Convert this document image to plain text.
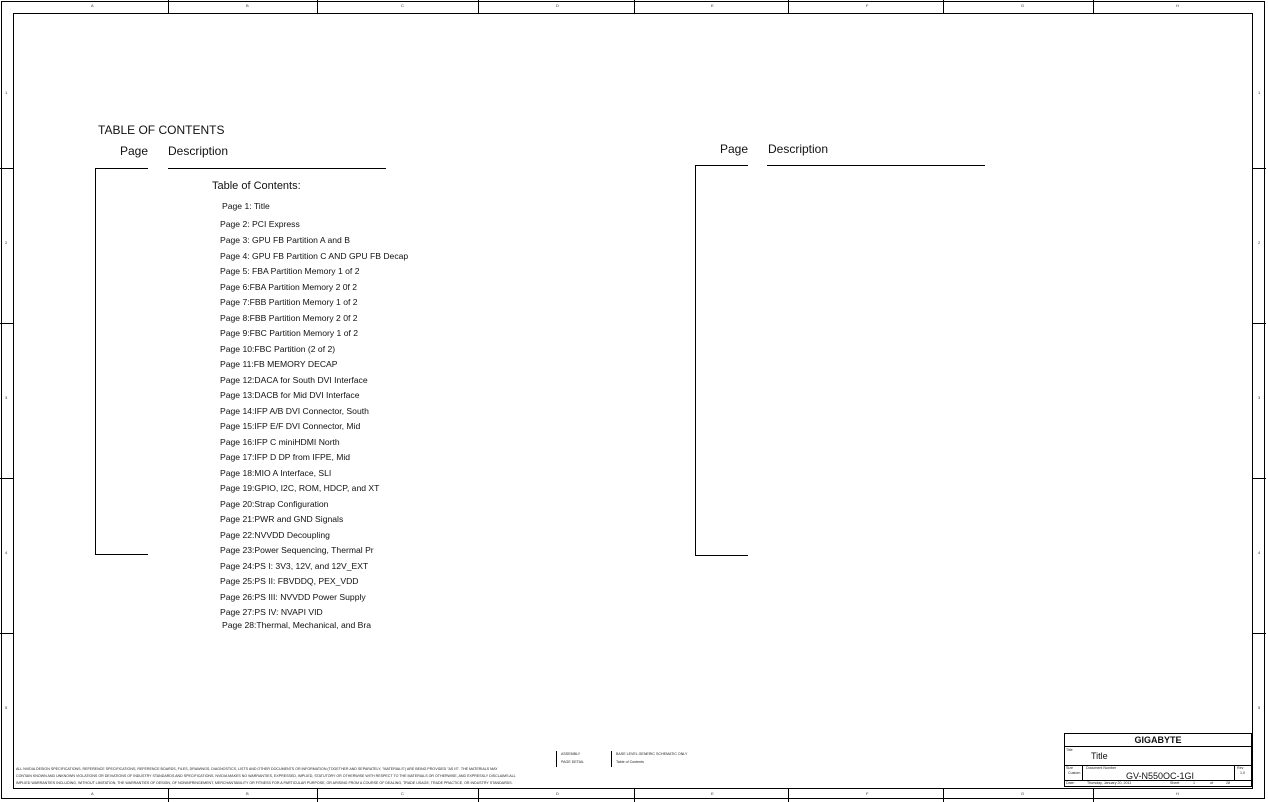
A	B	C	D	E	F	G	H
A	B	C	D	E	F	G	H
1
2
3
4
5
1
2
3
4
5
TABLE OF CONTENTS
Page Description	Page Description
Table of Contents:
Page 1: Title
Page 2: PCI Express
Page 3: GPU FB Partition A and B
Page 4: GPU FB Partition C AND GPU FB Decap
Page 5: FBA Partition Memory 1 of 2
Page 6:FBA Partition Memory 2 0f 2
Page 7:FBB Partition Memory 1 of 2
Page 8:FBB Partition Memory 2 0f 2
Page 9:FBC Partition Memory 1 of 2
Page 10:FBC Partition (2 of 2)
Page 11:FB MEMORY DECAP
Page 12:DACA for South DVI Interface
Page 13:DACB for Mid DVI Interface
Page 14:IFP A/B DVI Connector, South
Page 15:IFP E/F DVI Connector, Mid
Page 16:IFP C miniHDMI North
Page 17:IFP D DP from IFPE, Mid
Page 18:MIO A Interface, SLI
Page 19:GPIO, I2C, ROM, HDCP, and XT
Page 20:Strap Configuration
Page 21:PWR and GND Signals
Page 22:NVVDD Decoupling
Page 23:Power Sequencing, Thermal Pr
Page 24:PS I: 3V3, 12V, and 12V_EXT
Page 25:PS II: FBVDDQ, PEX_VDD
Page 26:PS III: NVVDD Power Supply
Page 27:PS IV: NVAPI VID
Page 28:Thermal, Mechanical, and Bra
ALL NVIDIA DESIGN SPECIFICATIONS, REFERENCE SPECIFICATIONS, REFERENCE BOARDS, FILES, DRAWINGS, DIAGNOSTICS, LISTS AND OTHER DOCUMENTS OR INFORMATION (TOGETHER AND SEPARATELY, "MATERIALS") ARE BEING PROVIDED "AS IS". THE MATERIALS MAY
CONTAIN KNOWN AND UNKNOWN VIOLATIONS OR DEVIATIONS OF INDUSTRY STANDARDS AND SPECIFICATIONS. NVIDIA MAKES NO WARRANTIES, EXPRESSED, IMPLIED, STATUTORY OR OTHERWISE WITH RESPECT TO THE MATERIALS OR OTHERWISE, AND EXPRESSLY DISCLAIMS ALL
IMPLIED WARRANTIES INCLUDING, WITHOUT LIMITATION, THE WARRANTIES OF DESIGN, OF NONINFRINGEMENT, MERCHANTABILITY OR FITNESS FOR A PARTICULAR PURPOSE, OR ARISING FROM A COURSE OF DEALING, TRADE USAGE, TRADE PRACTICE, OR INDUSTRY STANDARDS.
ASSEMBLY
PAGE DETAIL
BASE LEVEL GENERIC SCHEMATIC ONLY
Table of Contents
GIGABYTE
Title
Title
Size
Custom
Document Number
GV-N550OC-1GI
Rev
1.0
Date:	Thursday, January 20, 2011	Sheet	1	of	28
